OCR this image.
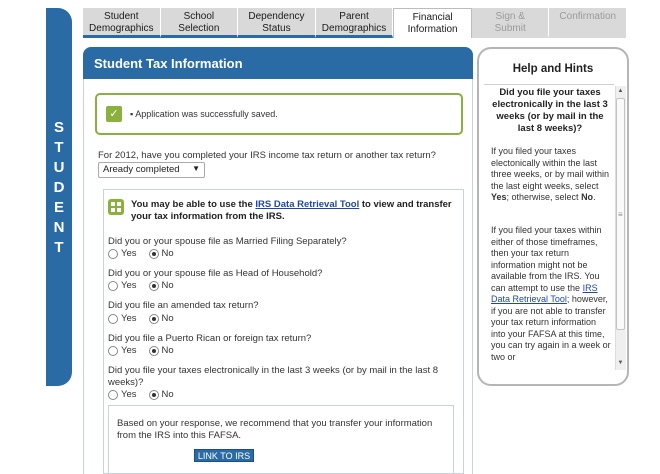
S
T
U
D
E
N
T
Student
Demographics
School
Selection
Dependency
Status
Parent
Demographics
Financial
Information
Sign &
Submit
Confirmation
Student Tax Information
✓	▪ Application was successfully saved.
For 2012, have you completed your IRS income tax return or another tax return?
Aready completed ▼
You may be able to use the IRS Data Retrieval Tool to view and transfer your tax information from the IRS.
Did you or your spouse file as Married Filing Separately?
Yes	No
Did you or your spouse file as Head of Household?
Yes	No
Did you file an amended tax return?
Yes	No
Did you file a Puerto Rican or foreign tax return?
Yes	No
Did you file your taxes electronically in the last 3 weeks (or by mail in the last 8 weeks)?
Yes	No
Based on your response, we recommend that you transfer your information from the IRS into this FAFSA.
LINK TO IRS
Help and Hints
Did you file your taxes electronically in the last 3 weeks (or by mail in the last 8 weeks)?
If you filed your taxes electonically within the last three weeks, or by mail within the last eight weeks, select Yes; otherwise, select No.
If you filed your taxes within either of those timeframes, then your tax return information might not be available from the IRS. You can attempt to use the IRS Data Retrieval Tool; however, if you are not able to transfer your tax return information into your FAFSA at this time, you can try again in a week or two or
▲
≡
▼
